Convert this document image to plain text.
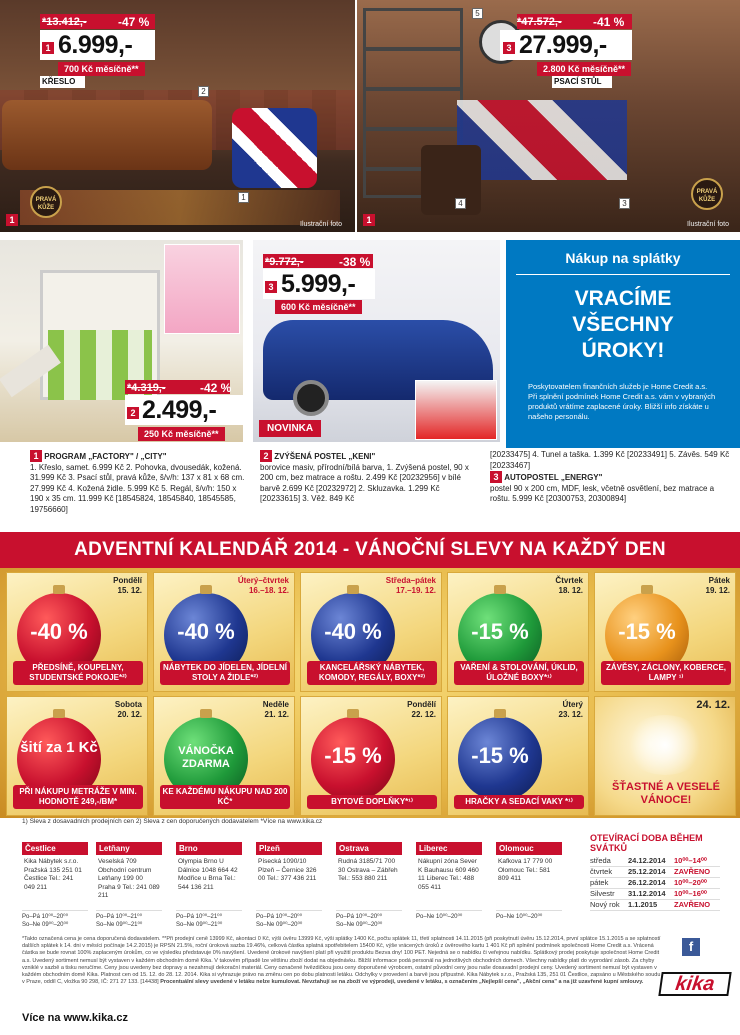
*13.412,-	-47 %
1 6.999,-
700 Kč měsíčně**
KŘESLO
2
1
1
PRAVÁ KŮŽE
Ilustrační foto
*47.572,-	-41 %
3 27.999,-
2.800 Kč měsíčně**
PSACÍ STŮL
5
4	3
1
PRAVÁ KŮŽE
Ilustrační foto
*4.319,-	-42 %
2 2.499,-
250 Kč měsíčně**
*9.772,-	-38 %
3 5.999,-
600 Kč měsíčně**
NOVINKA
Nákup na splátky
VRACÍME VŠECHNY ÚROKY!
Poskytovatelem finančních služeb je Home Credit a.s. Při splnění podmínek Home Credit a.s. vám v vybraných produktů vrátíme zaplacené úroky. Bližší info získáte u našeho personálu.
1 PROGRAM „FACTORY" / „CITY"
1. Křeslo, samet. 6.999 Kč 2. Pohovka, dvousedák, kožená. 31.999 Kč 3. Psací stůl, pravá kůže, š/v/h: 137 x 81 x 68 cm. 27.999 Kč 4. Kožená židle. 5.999 Kč 5. Regál, š/v/h: 150 x 190 x 35 cm. 11.999 Kč [18545824, 18545840, 18545585, 19756660]
2 ZVÝŠENÁ POSTEL „KENI"
borovice masiv, přírodní/bílá barva, 1. Zvýšená postel, 90 x 200 cm, bez matrace a roštu. 2.499 Kč [20232956] v bílé barvě 2.699 Kč [20232972] 2. Skluzavka. 1.299 Kč [20233615] 3. Věž. 849 Kč
[20233475] 4. Tunel a taška. 1.399 Kč [20233491] 5. Závěs. 549 Kč [20233467]
3 AUTOPOSTEL „ENERGY"
postel 90 x 200 cm, MDF, lesk, včetně osvětlení, bez matrace a roštu. 5.999 Kč [20300753, 20300894]
ADVENTNÍ KALENDÁŘ 2014 - VÁNOČNÍ SLEVY NA KAŽDÝ DEN
Pondělí
15. 12.
-40 %
PŘEDSÍNĚ, KOUPELNY, STUDENTSKÉ POKOJE*²⁾
Úterý–čtvrtek
16.–18. 12.
-40 %
NÁBYTEK DO JÍDELEN, JÍDELNÍ STOLY A ŽIDLE*²⁾
Středa–pátek
17.–19. 12.
-40 %
KANCELÁŘSKÝ NÁBYTEK, KOMODY, REGÁLY, BOXY*²⁾
Čtvrtek
18. 12.
-15 %
VAŘENÍ & STOLOVÁNÍ, ÚKLID, ÚLOŽNÉ BOXY*¹⁾
Pátek
19. 12.
-15 %
ZÁVĚSY, ZÁCLONY, KOBERCE, LAMPY ¹⁾
Sobota
20. 12.
šití za 1 Kč
PŘI NÁKUPU METRÁŽE V MIN. HODNOTĚ 249,-/BM*
Neděle
21. 12.
VÁNOČKA ZDARMA
KE KAŽDÉMU NÁKUPU NAD 200 KČ*
Pondělí
22. 12.
-15 %
BYTOVÉ DOPLŇKY*¹⁾
Úterý
23. 12.
-15 %
HRAČKY A SEDACÍ VAKY *¹⁾
24. 12.
ŠŤASTNÉ A VESELÉ VÁNOCE!
1) Sleva z dosavadních prodejních cen 2) Sleva z cen doporučených dodavatelem *Více na www.kika.cz
Čestlice
Kika Nábytek s.r.o. Pražská 135 251 01 Čestlice Tel.: 241 049 211
Po–Pá 10⁰⁰–20⁰⁰
So–Ne 09⁰⁰–20⁰⁰
Letňany
Veselská 709 Obchodní centrum Letňany 199 00 Praha 9 Tel.: 241 089 211
Po–Pá 10⁰⁰–21⁰⁰
So–Ne 09⁰⁰–21⁰⁰
Brno
Olympia Brno U Dálnice 1048 664 42 Modřice u Brna Tel.: 544 136 211
Po–Pá 10⁰⁰–21⁰⁰
So–Ne 09⁰⁰–21⁰⁰
Plzeň
Písecká 1090/10 Plzeň – Černice 326 00 Tel.: 377 436 211
Po–Pá 10⁰⁰–20⁰⁰
So–Ne 09⁰⁰–20⁰⁰
Ostrava
Rudná 3185/71 700 30 Ostrava – Zábřeh Tel.: 553 880 211
Po–Pá 10⁰⁰–20⁰⁰
So–Ne 09⁰⁰–20⁰⁰
Liberec
Nákupní zóna Sever K Bauhausu 609 460 11 Liberec Tel.: 488 055 411
Po–Ne 10⁰⁰–20⁰⁰
Olomouc
Kafkova 17 779 00 Olomouc Tel.: 581 809 411
Po–Ne 10⁰⁰–20⁰⁰
OTEVÍRACÍ DOBA BĚHEM SVÁTKŮ
středa	24.12.2014	10⁰⁰–14⁰⁰
čtvrtek	25.12.2014	ZAVŘENO
pátek	26.12.2014	10⁰⁰–20⁰⁰
Silvestr	31.12.2014	10⁰⁰–16⁰⁰
Nový rok	1.1.2015	ZAVŘENO
*Takto označená cena je cena doporučená dodavatelem. **Při prodejní ceně 13999 Kč, akontaci 0 Kč, výši úvěru 13999 Kč, výši splátky 1400 Kč, počtu splátek 11, třetí splatnosti 14.11.2015 (při poskytnutí úvěru 15.12.2014, první splátce 15.1.2015 a se splatností dalších splátek k 14. dni v měsíci počínaje 14.2.2015) je RPSN 21.5%, roční úroková sazba 19.46%, celková částka splatná spotřebitelem 15400 Kč, výše vrácených úroků z úvěrového kartu 1 401 Kč při splnění podmínek společnosti Home Credit a.s. Vrácená částka se bude rovnat 100% zaplaceným úrokům, co ve výsledku představuje 0% navýšení. Uvedené úrokové navýšení platí při využití produktu Bezva dny! 100 PET. Nejedná se o nabídku či veřejnou nabídku. Splátkový prodej poskytuje společnost Home Credit a.s. Uvedený sortiment nemusí být vystaven v každém obchodním domě Kika. V takovém případě lze většinu zboží dodat na objednávku. Bližší informace podá personál na jednotlivých obchodních domech. Všechny nabídky platí do vyprodání zásob. Za chyby vzniklé v sazbě a tisku neručíme. Ceny jsou uvedeny bez dopravy a nezahrnují dekorační materiál. Ceny označené hvězdičkou jsou ceny doporučené výrobcem, ostatní původní ceny jsou naše dosavadní prodejní ceny. Uvedený sortiment nemusí být vystaven v každém obchodním domě Kika. Platnost cen od 15. 12. do 28. 12. 2014. Kika si vyhrazuje právo na změnu cen po dobu platnosti letáku. Odchylky v provedení a barvě jsou přípustné. Kika Nábytek s.r.o., Pražská 135, 251 01 Čestlice, zapsáno u Městského soudu v Praze, oddíl C, vložka 90 298, IČ: 271 27 133. [14438] Procentuální slevy uvedené v letáku nelze kumulovat. Nevztahují se na zboží ve výprodeji, uvedené v letáku, s označením „Nejlepší cena", „Akční cena" a na již uzavřené kupní smlouvy.
f
kika
Více na www.kika.cz
